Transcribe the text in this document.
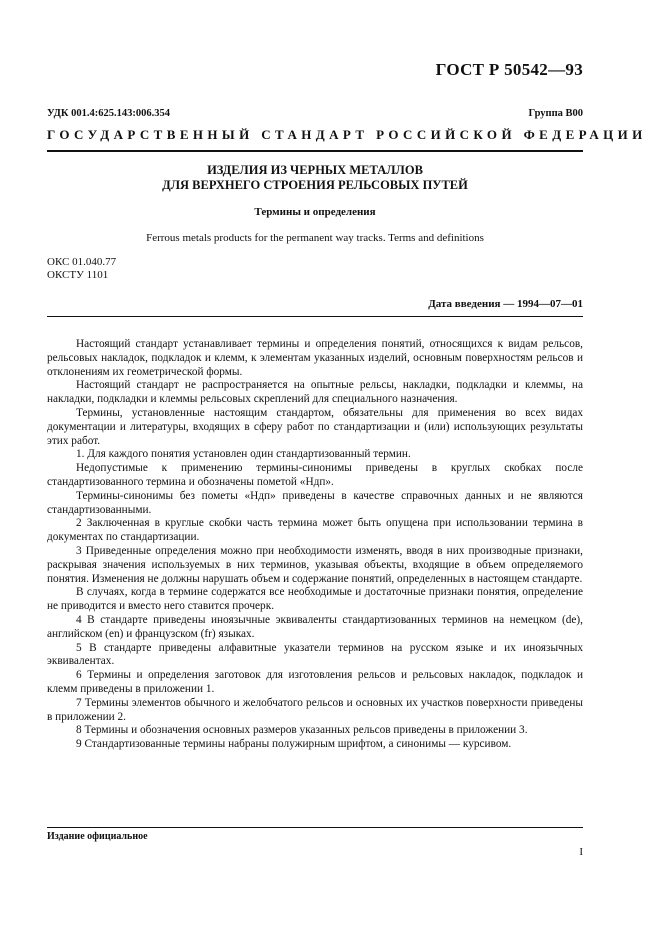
ГОСТ Р 50542—93
УДК 001.4:625.143:006.354	Группа В00
ГОСУДАРСТВЕННЫЙ СТАНДАРТ РОССИЙСКОЙ ФЕДЕРАЦИИ
ИЗДЕЛИЯ ИЗ ЧЕРНЫХ МЕТАЛЛОВ
ДЛЯ ВЕРХНЕГО СТРОЕНИЯ РЕЛЬСОВЫХ ПУТЕЙ
Термины и определения
Ferrous metals products for the permanent way tracks. Terms and definitions
ОКС 01.040.77
ОКСТУ 1101
Дата введения — 1994—07—01

Настоящий стандарт устанавливает термины и определения понятий, относящихся к видам рельсов, рельсовых накладок, подкладок и клемм, к элементам указанных изделий, основным поверхностям рельсов и отклонениям их геометрической формы.

Настоящий стандарт не распространяется на опытные рельсы, накладки, подкладки и клеммы, на накладки, подкладки и клеммы рельсовых скреплений для специального назначения.

Термины, установленные настоящим стандартом, обязательны для применения во всех видах документации и литературы, входящих в сферу работ по стандартизации и (или) использующих результаты этих работ.

1. Для каждого понятия установлен один стандартизованный термин.

Недопустимые к применению термины-синонимы приведены в круглых скобках после стандартизованного термина и обозначены пометой «Ндп».

Термины-синонимы без пометы «Ндп» приведены в качестве справочных данных и не являются стандартизованными.

2 Заключенная в круглые скобки часть термина может быть опущена при использовании термина в документах по стандартизации.

3 Приведенные определения можно при необходимости изменять, вводя в них производные признаки, раскрывая значения используемых в них терминов, указывая объекты, входящие в объем определяемого понятия. Изменения не должны нарушать объем и содержание понятий, определенных в настоящем стандарте.

В случаях, когда в термине содержатся все необходимые и достаточные признаки понятия, определение не приводится и вместо него ставится прочерк.

4 В стандарте приведены иноязычные эквиваленты стандартизованных терминов на немецком (de), английском (en) и французском (fr) языках.

5 В стандарте приведены алфавитные указатели терминов на русском языке и их иноязычных эквивалентах.

6 Термины и определения заготовок для изготовления рельсов и рельсовых накладок, подкладок и клемм приведены в приложении 1.

7 Термины элементов обычного и желобчатого рельсов и основных их участков поверхности приведены в приложении 2.

8 Термины и обозначения основных размеров указанных рельсов приведены в приложении 3.

9 Стандартизованные термины набраны полужирным шрифтом, а синонимы — курсивом.

Издание официальное
I
